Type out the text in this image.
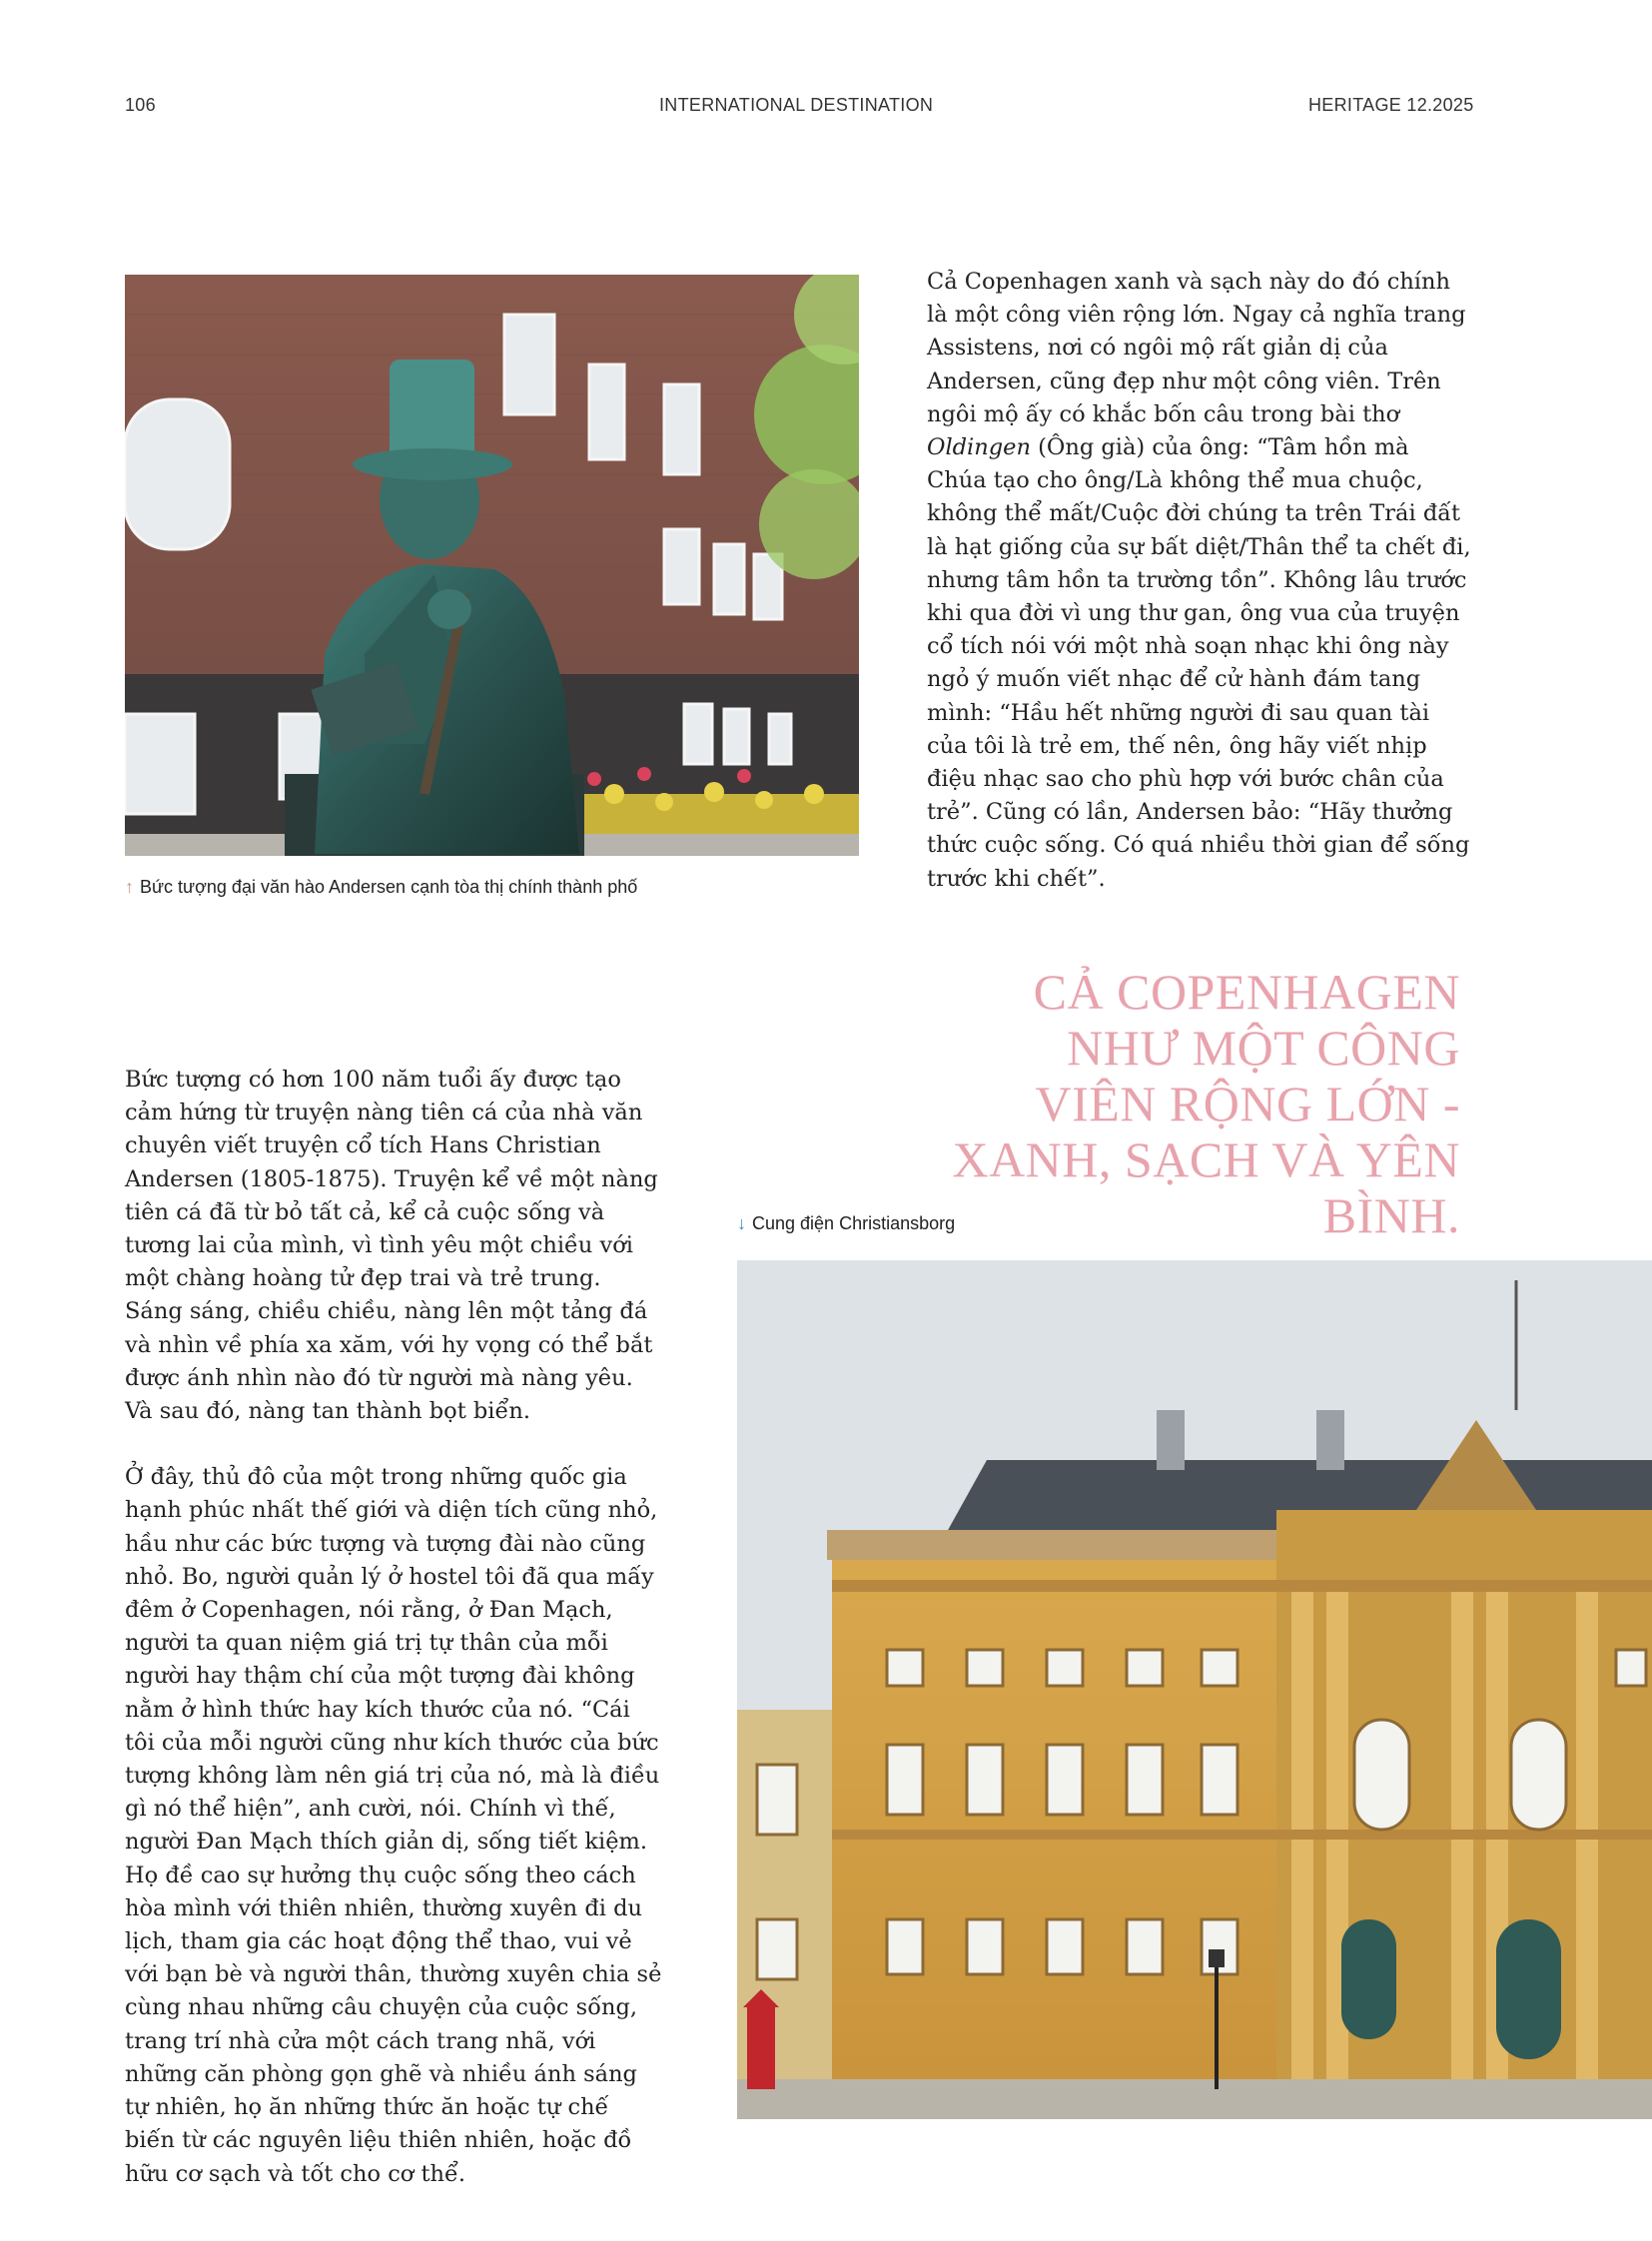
106	INTERNATIONAL DESTINATION	HERITAGE 12.2025
↑ Bức tượng đại văn hào Andersen cạnh tòa thị chính thành phố

Cả Copenhagen xanh và sạch này do đó chính là một công viên rộng lớn. Ngay cả nghĩa trang Assistens, nơi có ngôi mộ rất giản dị của Andersen, cũng đẹp như một công viên. Trên ngôi mộ ấy có khắc bốn câu trong bài thơ Oldingen (Ông già) của ông: “Tâm hồn mà Chúa tạo cho ông/Là không thể mua chuộc, không thể mất/Cuộc đời chúng ta trên Trái đất là hạt giống của sự bất diệt/Thân thể ta chết đi, nhưng tâm hồn ta trường tồn”. Không lâu trước khi qua đời vì ung thư gan, ông vua của truyện cổ tích nói với một nhà soạn nhạc khi ông này ngỏ ý muốn viết nhạc để cử hành đám tang mình: “Hầu hết những người đi sau quan tài của tôi là trẻ em, thế nên, ông hãy viết nhịp điệu nhạc sao cho phù hợp với bước chân của trẻ”. Cũng có lần, Andersen bảo: “Hãy thưởng thức cuộc sống. Có quá nhiều thời gian để sống trước khi chết”.

CẢ COPENHAGEN NHƯ MỘT CÔNG VIÊN RỘNG LỚN - XANH, SẠCH VÀ YÊN BÌNH.

Bức tượng có hơn 100 năm tuổi ấy được tạo cảm hứng từ truyện nàng tiên cá của nhà văn chuyên viết truyện cổ tích Hans Christian Andersen (1805-1875). Truyện kể về một nàng tiên cá đã từ bỏ tất cả, kể cả cuộc sống và tương lai của mình, vì tình yêu một chiều với một chàng hoàng tử đẹp trai và trẻ trung. Sáng sáng, chiều chiều, nàng lên một tảng đá và nhìn về phía xa xăm, với hy vọng có thể bắt được ánh nhìn nào đó từ người mà nàng yêu. Và sau đó, nàng tan thành bọt biển.

Ở đây, thủ đô của một trong những quốc gia hạnh phúc nhất thế giới và diện tích cũng nhỏ, hầu như các bức tượng và tượng đài nào cũng nhỏ. Bo, người quản lý ở hostel tôi đã qua mấy đêm ở Copenhagen, nói rằng, ở Đan Mạch, người ta quan niệm giá trị tự thân của mỗi người hay thậm chí của một tượng đài không nằm ở hình thức hay kích thước của nó. “Cái tôi của mỗi người cũng như kích thước của bức tượng không làm nên giá trị của nó, mà là điều gì nó thể hiện”, anh cười, nói. Chính vì thế, người Đan Mạch thích giản dị, sống tiết kiệm. Họ đề cao sự hưởng thụ cuộc sống theo cách hòa mình với thiên nhiên, thường xuyên đi du lịch, tham gia các hoạt động thể thao, vui vẻ với bạn bè và người thân, thường xuyên chia sẻ cùng nhau những câu chuyện của cuộc sống, trang trí nhà cửa một cách trang nhã, với những căn phòng gọn ghẽ và nhiều ánh sáng tự nhiên, họ ăn những thức ăn hoặc tự chế biến từ các nguyên liệu thiên nhiên, hoặc đồ hữu cơ sạch và tốt cho cơ thể.

↓ Cung điện Christiansborg
